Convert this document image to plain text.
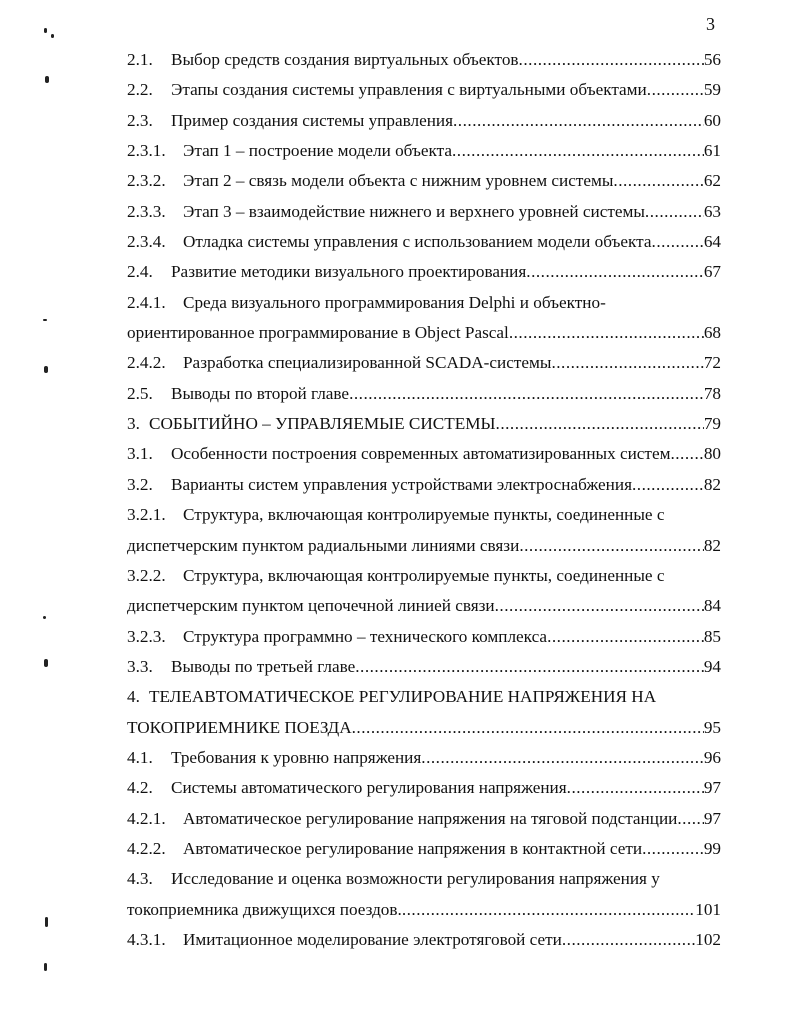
3
2.1.	Выбор средств создания виртуальных объектов .....	56
2.2.	Этапы создания системы управления с виртуальными объектами .....	59
2.3.	Пример создания системы управления .....	60
2.3.1.	Этап 1 – построение модели объекта .....	61
2.3.2.	Этап 2 – связь модели объекта с нижним уровнем системы .....	62
2.3.3.	Этап 3 – взаимодействие нижнего и верхнего уровней системы .....	63
2.3.4.	Отладка системы управления с использованием модели объекта .....	64
2.4.	Развитие методики визуального проектирования .....	67
2.4.1.	Среда визуального программирования Delphi и объектно-
ориентированное программирование в Object Pascal .....	68
2.4.2.	Разработка специализированной SCADA-системы .....	72
2.5.	Выводы по второй главе .....	78
3. СОБЫТИЙНО – УПРАВЛЯЕМЫЕ СИСТЕМЫ .....	79
3.1.	Особенности построения современных автоматизированных систем ..... 80
3.2.	Варианты систем управления устройствами электроснабжения .....	82
3.2.1.	Структура, включающая контролируемые пункты, соединенные с
диспетчерским пунктом радиальными линиями связи .....	82
3.2.2.	Структура, включающая контролируемые пункты, соединенные с
диспетчерским пунктом цепочечной линией связи .....	84
3.2.3.	Структура программно – технического комплекса .....	85
3.3.	Выводы по третьей главе .....	94
4. ТЕЛЕАВТОМАТИЧЕСКОЕ РЕГУЛИРОВАНИЕ НАПРЯЖЕНИЯ НА
ТОКОПРИЕМНИКЕ ПОЕЗДА .....	95
4.1.	Требования к уровню напряжения .....	96
4.2.	Системы автоматического регулирования напряжения .....	97
4.2.1.	Автоматическое регулирование напряжения на тяговой подстанции ..... 97
4.2.2.	Автоматическое регулирование напряжения в контактной сети .....	99
4.3.	Исследование и оценка возможности регулирования напряжения у
токоприемника движущихся поездов. .....	101
4.3.1.	Имитационное моделирование электротяговой сети .....	102
